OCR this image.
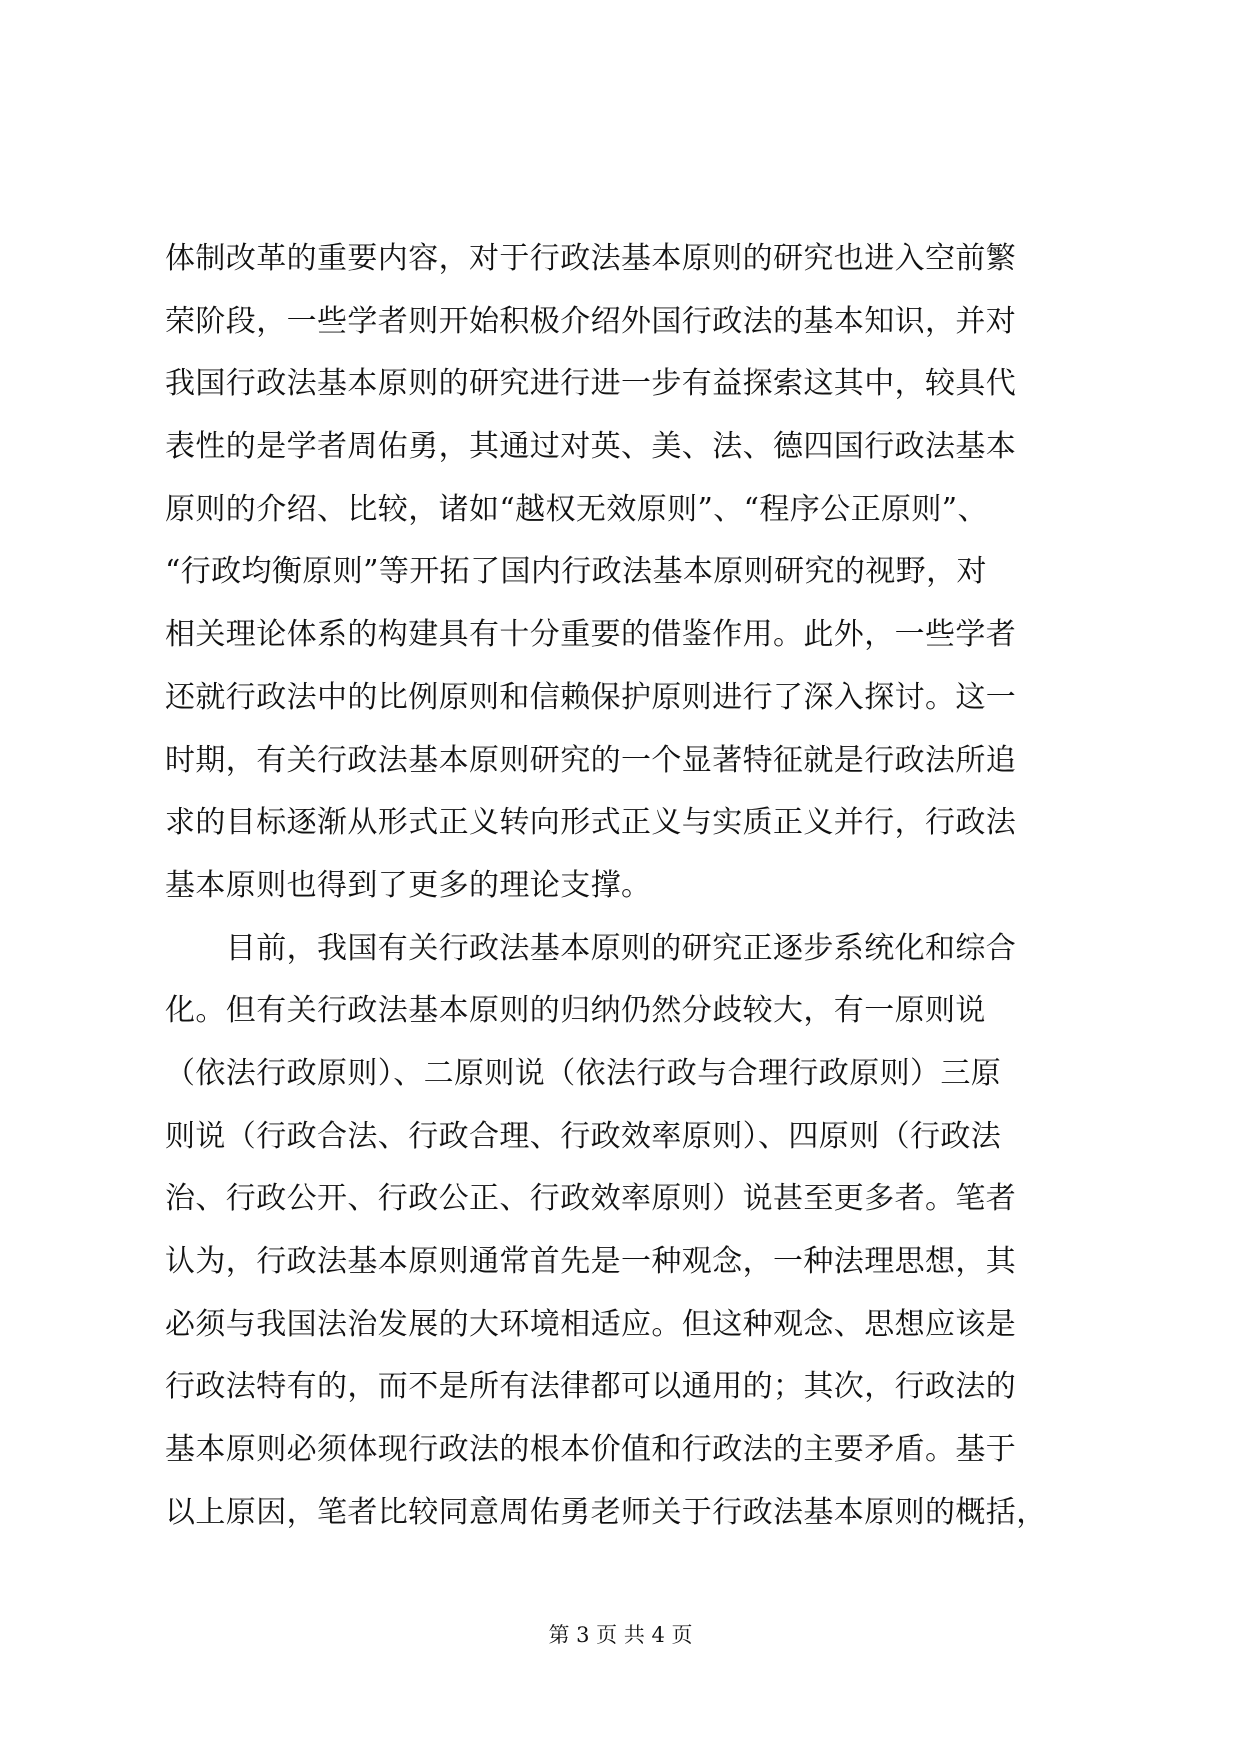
体制改革的重要内容，对于行政法基本原则的研究也进入空前繁
荣阶段，一些学者则开始积极介绍外国行政法的基本知识，并对
我国行政法基本原则的研究进行进一步有益探索这其中，较具代
表性的是学者周佑勇，其通过对英、美、法、德四国行政法基本
原则的介绍、比较，诸如“越权无效原则”、“程序公正原则”、
“行政均衡原则”等开拓了国内行政法基本原则研究的视野，对
相关理论体系的构建具有十分重要的借鉴作用。此外，一些学者
还就行政法中的比例原则和信赖保护原则进行了深入探讨。这一
时期，有关行政法基本原则研究的一个显著特征就是行政法所追
求的目标逐渐从形式正义转向形式正义与实质正义并行，行政法
基本原则也得到了更多的理论支撑。
　　目前，我国有关行政法基本原则的研究正逐步系统化和综合
化。但有关行政法基本原则的归纳仍然分歧较大，有一原则说
（依法行政原则）、二原则说（依法行政与合理行政原则）三原
则说（行政合法、行政合理、行政效率原则）、四原则（行政法
治、行政公开、行政公正、行政效率原则）说甚至更多者。笔者
认为，行政法基本原则通常首先是一种观念，一种法理思想，其
必须与我国法治发展的大环境相适应。但这种观念、思想应该是
行政法特有的，而不是所有法律都可以通用的；其次，行政法的
基本原则必须体现行政法的根本价值和行政法的主要矛盾。基于
以上原因，笔者比较同意周佑勇老师关于行政法基本原则的概括，
第 3 页 共 4 页
